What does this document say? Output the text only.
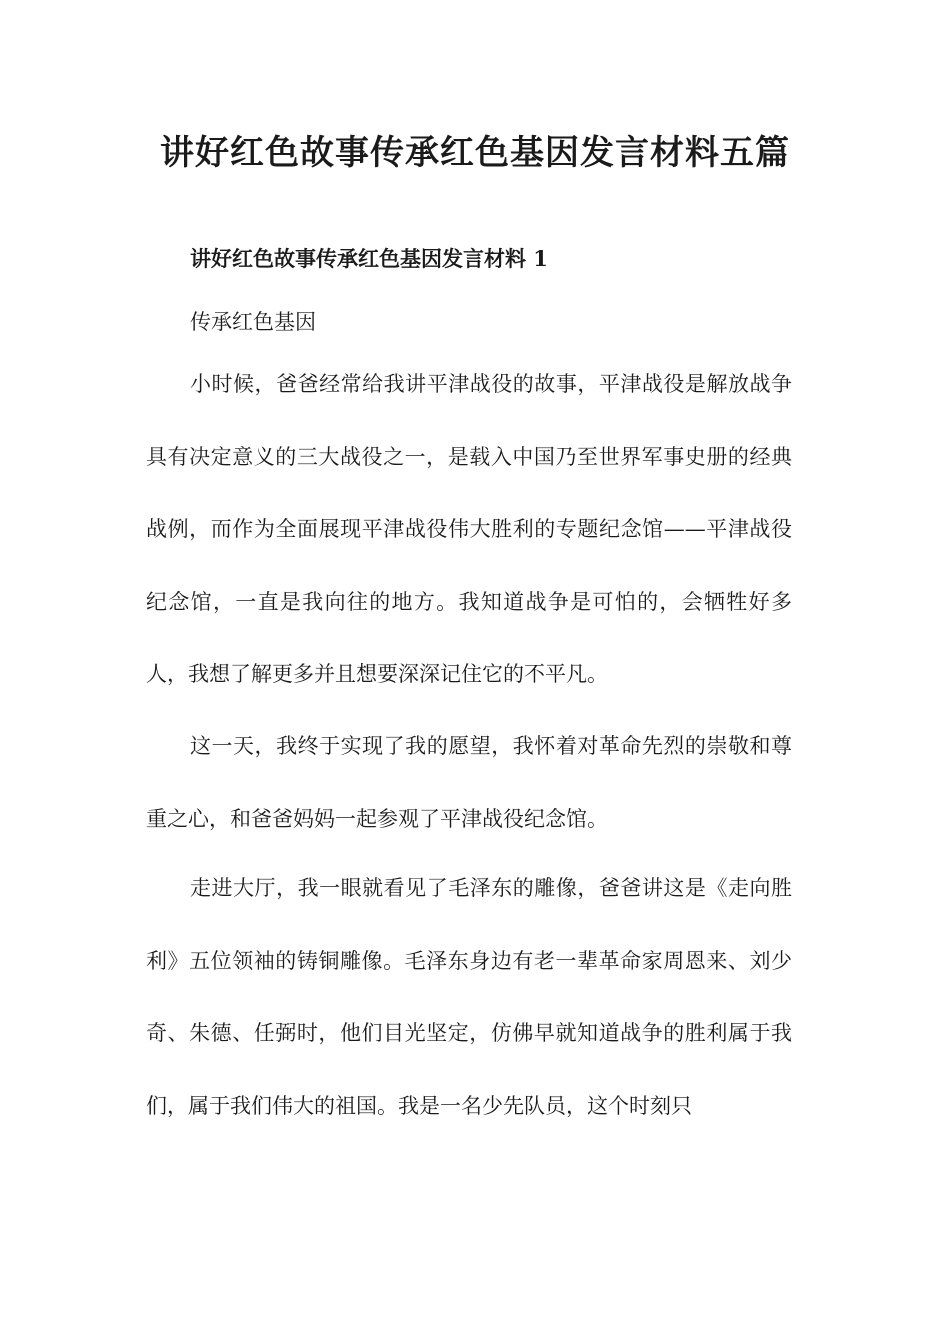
讲好红色故事传承红色基因发言材料五篇
讲好红色故事传承红色基因发言材料 1

传承红色基因

小时候，爸爸经常给我讲平津战役的故事，平津战役是解放战争具有决定意义的三大战役之一，是载入中国乃至世界军事史册的经典战例，而作为全面展现平津战役伟大胜利的专题纪念馆——平津战役纪念馆，一直是我向往的地方。我知道战争是可怕的，会牺牲好多人，我想了解更多并且想要深深记住它的不平凡。

这一天，我终于实现了我的愿望，我怀着对革命先烈的崇敬和尊重之心，和爸爸妈妈一起参观了平津战役纪念馆。

走进大厅，我一眼就看见了毛泽东的雕像，爸爸讲这是《走向胜利》五位领袖的铸铜雕像。毛泽东身边有老一辈革命家周恩来、刘少奇、朱德、任弼时，他们目光坚定，仿佛早就知道战争的胜利属于我们，属于我们伟大的祖国。我是一名少先队员，这个时刻只
